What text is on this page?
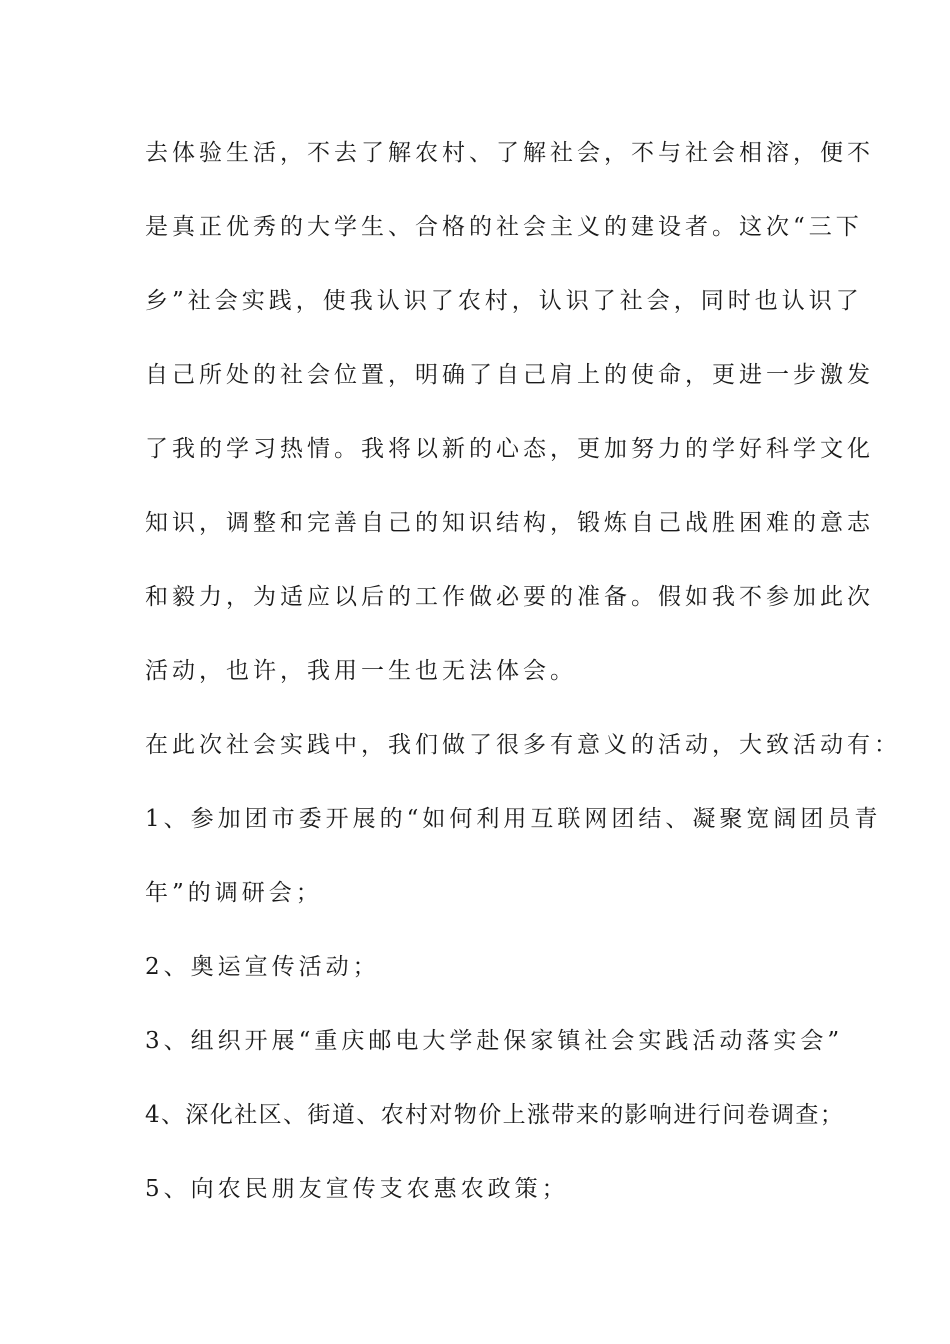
去体验生活，不去了解农村、了解社会，不与社会相溶，便不
是真正优秀的大学生、合格的社会主义的建设者。这次“三下
乡”社会实践，使我认识了农村，认识了社会，同时也认识了
自己所处的社会位置，明确了自己肩上的使命，更进一步激发
了我的学习热情。我将以新的心态，更加努力的学好科学文化
知识，调整和完善自己的知识结构，锻炼自己战胜困难的意志
和毅力，为适应以后的工作做必要的准备。假如我不参加此次
活动，也许，我用一生也无法体会。
在此次社会实践中，我们做了很多有意义的活动，大致活动有：
1、参加团市委开展的“如何利用互联网团结、凝聚宽阔团员青
年”的调研会；
2、奥运宣传活动；
3、组织开展“重庆邮电大学赴保家镇社会实践活动落实会”
4、深化社区、街道、农村对物价上涨带来的影响进行问卷调查；
5、向农民朋友宣传支农惠农政策；
